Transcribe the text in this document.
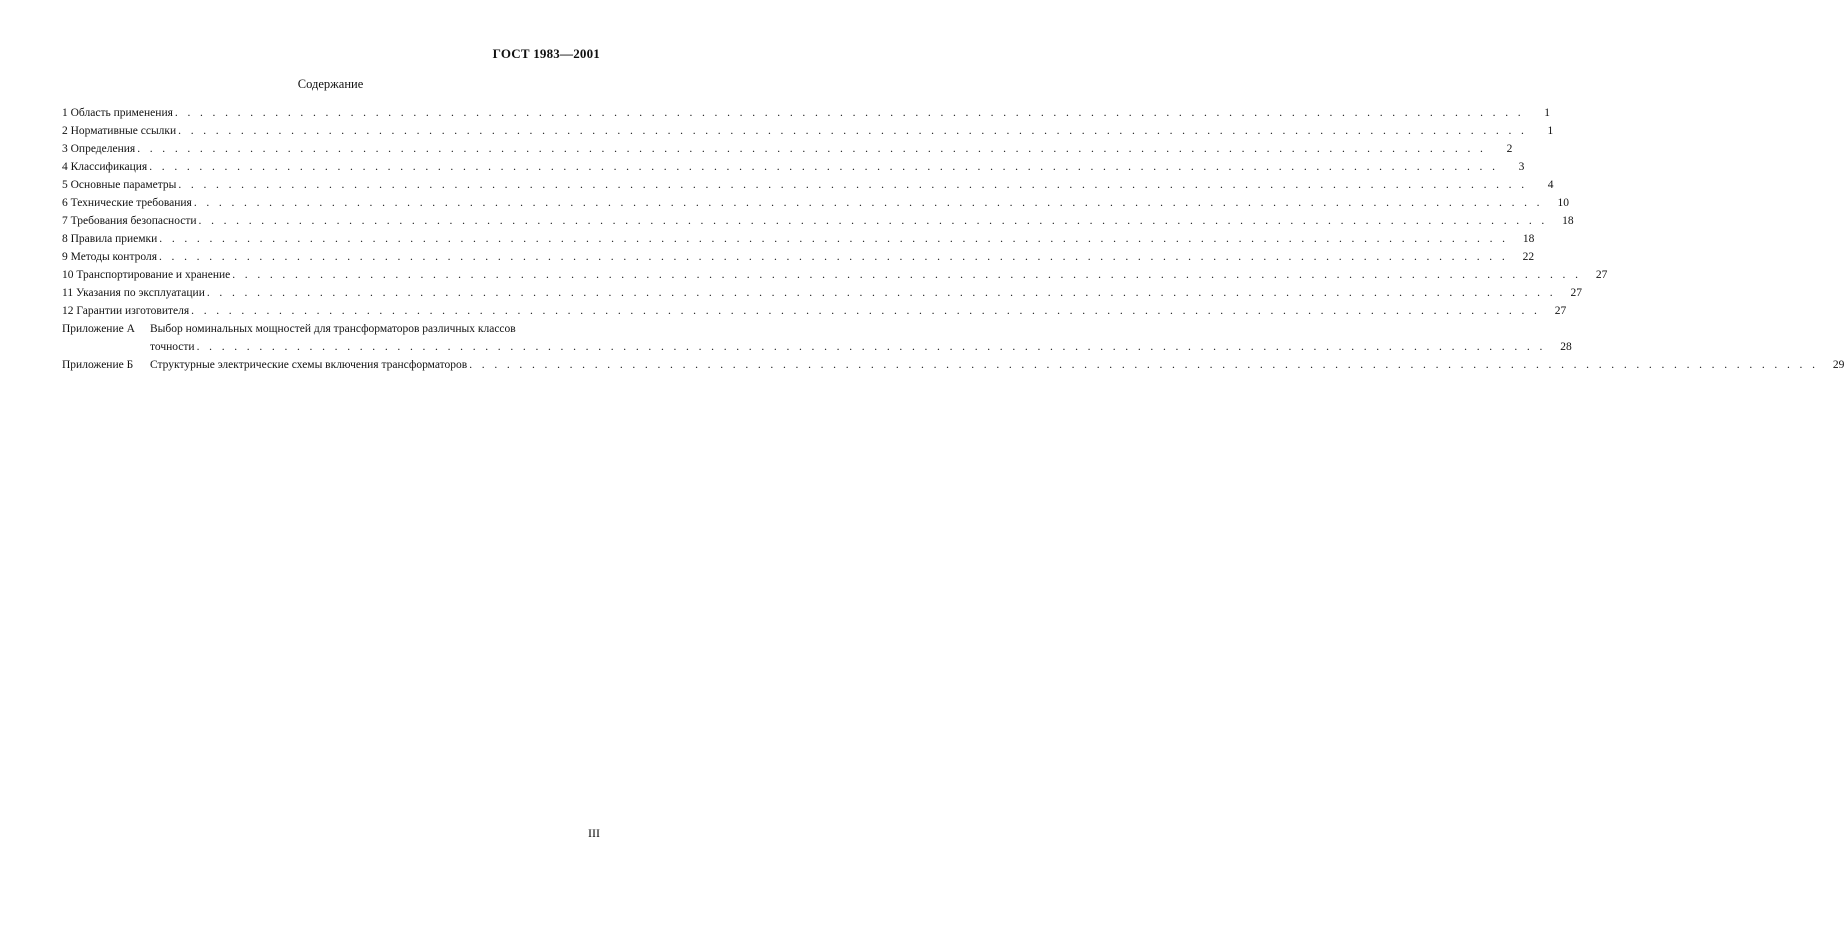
ГОСТ 1983—2001
Содержание
1 Область применения . . .	1
2 Нормативные ссылки . . .	1
3 Определения . . .	2
4 Классификация . . .	3
5 Основные параметры . . .	4
6 Технические требования . . .	10
7 Требования безопасности . . .	18
8 Правила приемки . . .	18
9 Методы контроля . . .	22
10 Транспортирование и хранение . . .	27
11 Указания по эксплуатации . . .	27
12 Гарантии изготовителя . . .	27
Приложение А	Выбор номинальных мощностей для трансформаторов различных классов
точности . . .	28
Приложение Б	Структурные электрические схемы включения трансформаторов . . .	29
III
